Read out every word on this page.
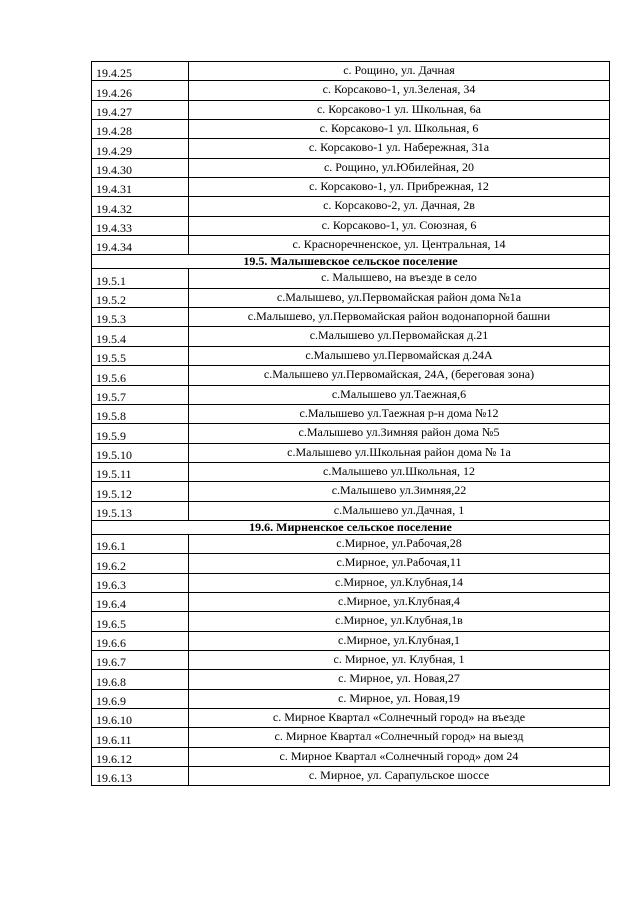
19.4.25	с. Рощино, ул. Дачная
19.4.26	с. Корсаково-1, ул.Зеленая, 34
19.4.27	с. Корсаково-1 ул. Школьная, 6а
19.4.28	с. Корсаково-1 ул. Школьная, 6
19.4.29	с. Корсаково-1 ул. Набережная, 31а
19.4.30	с. Рощино, ул.Юбилейная, 20
19.4.31	с. Корсаково-1, ул. Прибрежная, 12
19.4.32	с. Корсаково-2, ул. Дачная, 2в
19.4.33	с. Корсаково-1, ул. Союзная, 6
19.4.34	с. Красноречненское, ул. Центральная, 14
19.5. Малышевское сельское поселение	
19.5.1	с. Малышево, на въезде в село
19.5.2	с.Малышево, ул.Первомайская район дома №1а
19.5.3	с.Малышево, ул.Первомайская район водонапорной башни
19.5.4	с.Малышево ул.Первомайская д.21
19.5.5	с.Малышево ул.Первомайская д.24А
19.5.6	с.Малышево ул.Первомайская, 24А, (береговая зона)
19.5.7	с.Малышево ул.Таежная,6
19.5.8	с.Малышево ул.Таежная р-н дома №12
19.5.9	с.Малышево ул.Зимняя район дома №5
19.5.10	с.Малышево ул.Школьная район дома № 1а
19.5.11	с.Малышево ул.Школьная, 12
19.5.12	с.Малышево ул.Зимняя,22
19.5.13	с.Малышево ул.Дачная, 1
19.6. Мирненское сельское поселение	
19.6.1	с.Мирное, ул.Рабочая,28
19.6.2	с.Мирное, ул.Рабочая,11
19.6.3	с.Мирное, ул.Клубная,14
19.6.4	с.Мирное, ул.Клубная,4
19.6.5	с.Мирное, ул.Клубная,1в
19.6.6	с.Мирное, ул.Клубная,1
19.6.7	с. Мирное, ул. Клубная, 1
19.6.8	с. Мирное, ул. Новая,27
19.6.9	с. Мирное, ул. Новая,19
19.6.10	с. Мирное Квартал «Солнечный город» на въезде
19.6.11	с. Мирное Квартал «Солнечный город» на выезд
19.6.12	с. Мирное Квартал «Солнечный город» дом 24
19.6.13	с. Мирное, ул. Сарапульское шоссе
